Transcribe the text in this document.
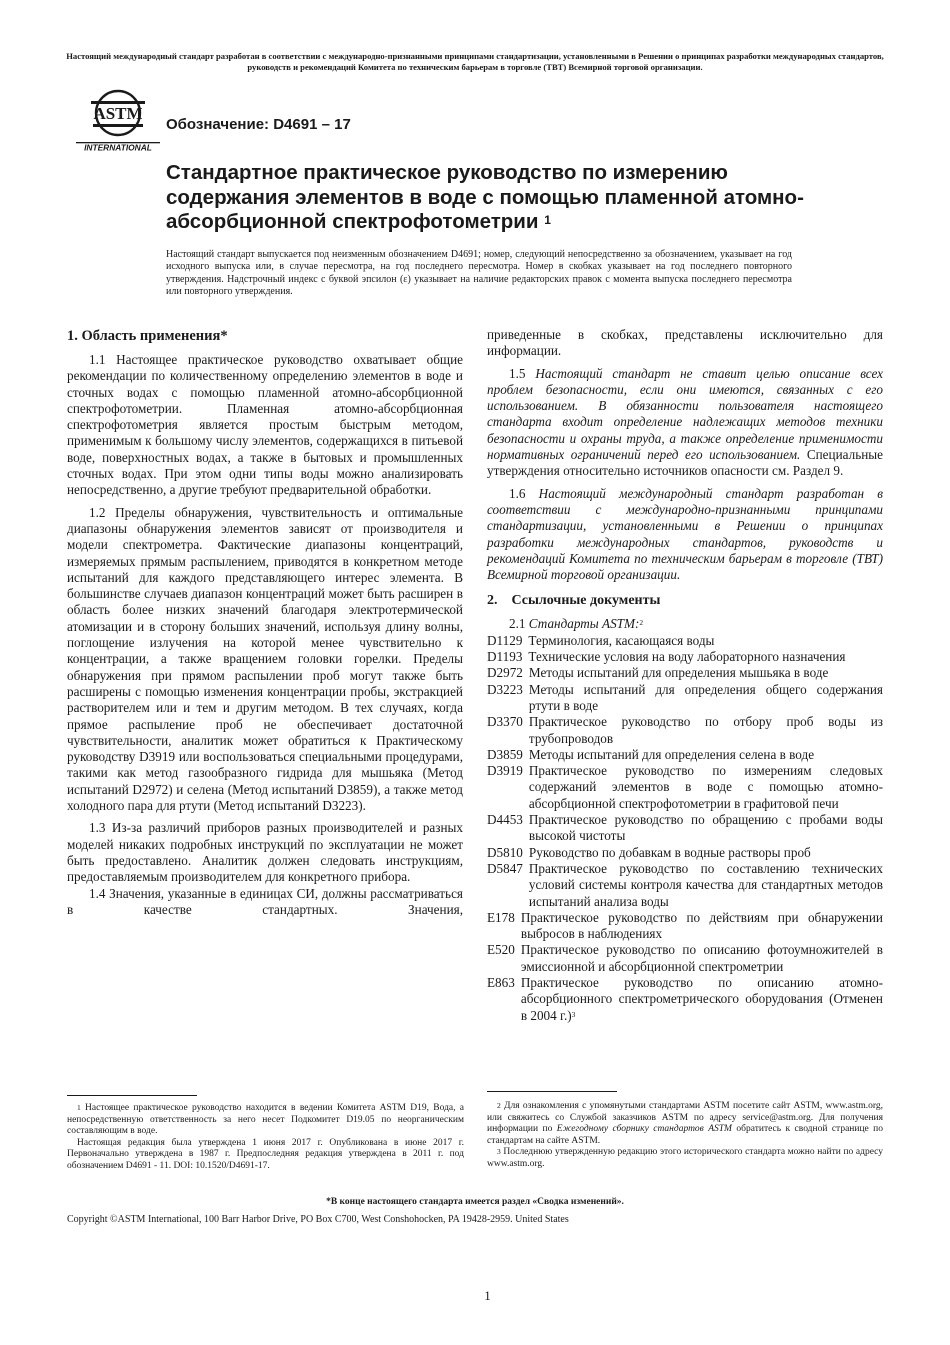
Настоящий международный стандарт разработан в соответствии с международно-признанными принципами стандартизации, установленными в Решении о принципах разработки международных стандартов, руководств и рекомендаций Комитета по техническим барьерам в торговле (ТВТ) Всемирной торговой организации.
ASTM
INTERNATIONAL
Обозначение: D4691 – 17
Стандартное практическое руководство по измерению содержания элементов в воде с помощью пламенной атомно-абсорбционной спектрофотометрии $^1$
Настоящий стандарт выпускается под неизменным обозначением D4691; номер, следующий непосредственно за обозначением, указывает на год исходного выпуска или, в случае пересмотра, на год последнего пересмотра. Номер в скобках указывает на год последнего повторного утверждения. Надстрочный индекс с буквой эпсилон (ε) указывает на наличие редакторских правок с момента выпуска последнего пересмотра или повторного утверждения.
1. Область применения*

1.1 Настоящее практическое руководство охватывает общие рекомендации по количественному определению элементов в воде и сточных водах с помощью пламенной атомно-абсорбционной спектрофотометрии. Пламенная атомно-абсорбционная спектрофотометрия является простым быстрым методом, применимым к большому числу элементов, содержащихся в питьевой воде, поверхностных водах, а также в бытовых и промышленных сточных водах. При этом одни типы воды можно анализировать непосредственно, а другие требуют предварительной обработки.

1.2 Пределы обнаружения, чувствительность и оптимальные диапазоны обнаружения элементов зависят от производителя и модели спектрометра. Фактические диапазоны концентраций, измеряемых прямым распылением, приводятся в конкретном методе испытаний для каждого представляющего интерес элемента. В большинстве случаев диапазон концентраций может быть расширен в область более низких значений благодаря электротермической атомизации и в сторону больших значений, используя длину волны, поглощение излучения на которой менее чувствительно к концентрации, а также вращением головки горелки. Пределы обнаружения при прямом распылении проб могут также быть расширены с помощью изменения концентрации пробы, экстракцией растворителем или и тем и другим методом. В тех случаях, когда прямое распыление проб не обеспечивает достаточной чувствительности, аналитик может обратиться к Практическому руководству D3919 или воспользоваться специальными процедурами, такими как метод газообразного гидрида для мышьяка (Метод испытаний D2972) и селена (Метод испытаний D3859), а также метод холодного пара для ртути (Метод испытаний D3223).

1.3 Из-за различий приборов разных производителей и разных моделей никаких подробных инструкций по эксплуатации не может быть предоставлено. Аналитик должен следовать инструкциям, предоставляемым производителем для конкретного прибора.

1.4 Значения, указанные в единицах СИ, должны рассматриваться в качестве стандартных. Значения,

приведенные в скобках, представлены исключительно для информации.

1.5 Настоящий стандарт не ставит целью описание всех проблем безопасности, если они имеются, связанных с его использованием. В обязанности пользователя настоящего стандарта входит определение надлежащих методов техники безопасности и охраны труда, а также определение применимости нормативных ограничений перед его использованием. Специальные утверждения относительно источников опасности см. Раздел 9.

1.6 Настоящий международный стандарт разработан в соответствии с международно-признанными принципами стандартизации, установленными в Решении о принципах разработки международных стандартов, руководств и рекомендаций Комитета по техническим барьерам в торговле (ТВТ) Всемирной торговой организации.

2.    Ссылочные документы

2.1 Стандарты ASTM:$^2$

D1129 Терминология, касающаяся воды
D1193 Технические условия на воду лабораторного назначения
D2972 Методы испытаний для определения мышьяка в воде
D3223 Методы испытаний для определения общего содержания ртути в воде
D3370 Практическое руководство по отбору проб воды из трубопроводов
D3859 Методы испытаний для определения селена в воде
D3919 Практическое руководство по измерениям следовых содержаний элементов в воде с помощью атомно-абсорбционной спектрофотометрии в графитовой печи
D4453 Практическое руководство по обращению с пробами воды высокой чистоты
D5810 Руководство по добавкам в водные растворы проб
D5847 Практическое руководство по составлению технических условий системы контроля качества для стандартных методов испытаний анализа воды
E178 Практическое руководство по действиям при обнаружении выбросов в наблюдениях
E520 Практическое руководство по описанию фотоумножителей в эмиссионной и абсорбционной спектрометрии
E863 Практическое руководство по описанию атомно-абсорбционного спектрометрического оборудования (Отменен в 2004 г.)$^3$

$^1$ Настоящее практическое руководство находится в ведении Комитета ASTM D19, Вода, а непосредственную ответственность за него несет Подкомитет D19.05 по неорганическим составляющим в воде.

Настоящая редакция была утверждена 1 июня 2017 г. Опубликована в июне 2017 г. Первоначально утверждена в 1987 г. Предпоследняя редакция утверждена в 2011 г. под обозначением D4691 - 11. DOI: 10.1520/D4691-17.

$^2$ Для ознакомления с упомянутыми стандартами ASTM посетите сайт ASTM, www.astm.org, или свяжитесь со Службой заказчиков ASTM по адресу service@astm.org. Для получения информации по Ежегодному сборнику стандартов ASTM обратитесь к сводной странице по стандартам на сайте ASTM.

$^3$ Последнюю утвержденную редакцию этого исторического стандарта можно найти по адресу www.astm.org.

*В конце настоящего стандарта имеется раздел «Сводка изменений».
Copyright ©ASTM International, 100 Barr Harbor Drive, PO Box C700, West Conshohocken, PA 19428-2959. United States
1
